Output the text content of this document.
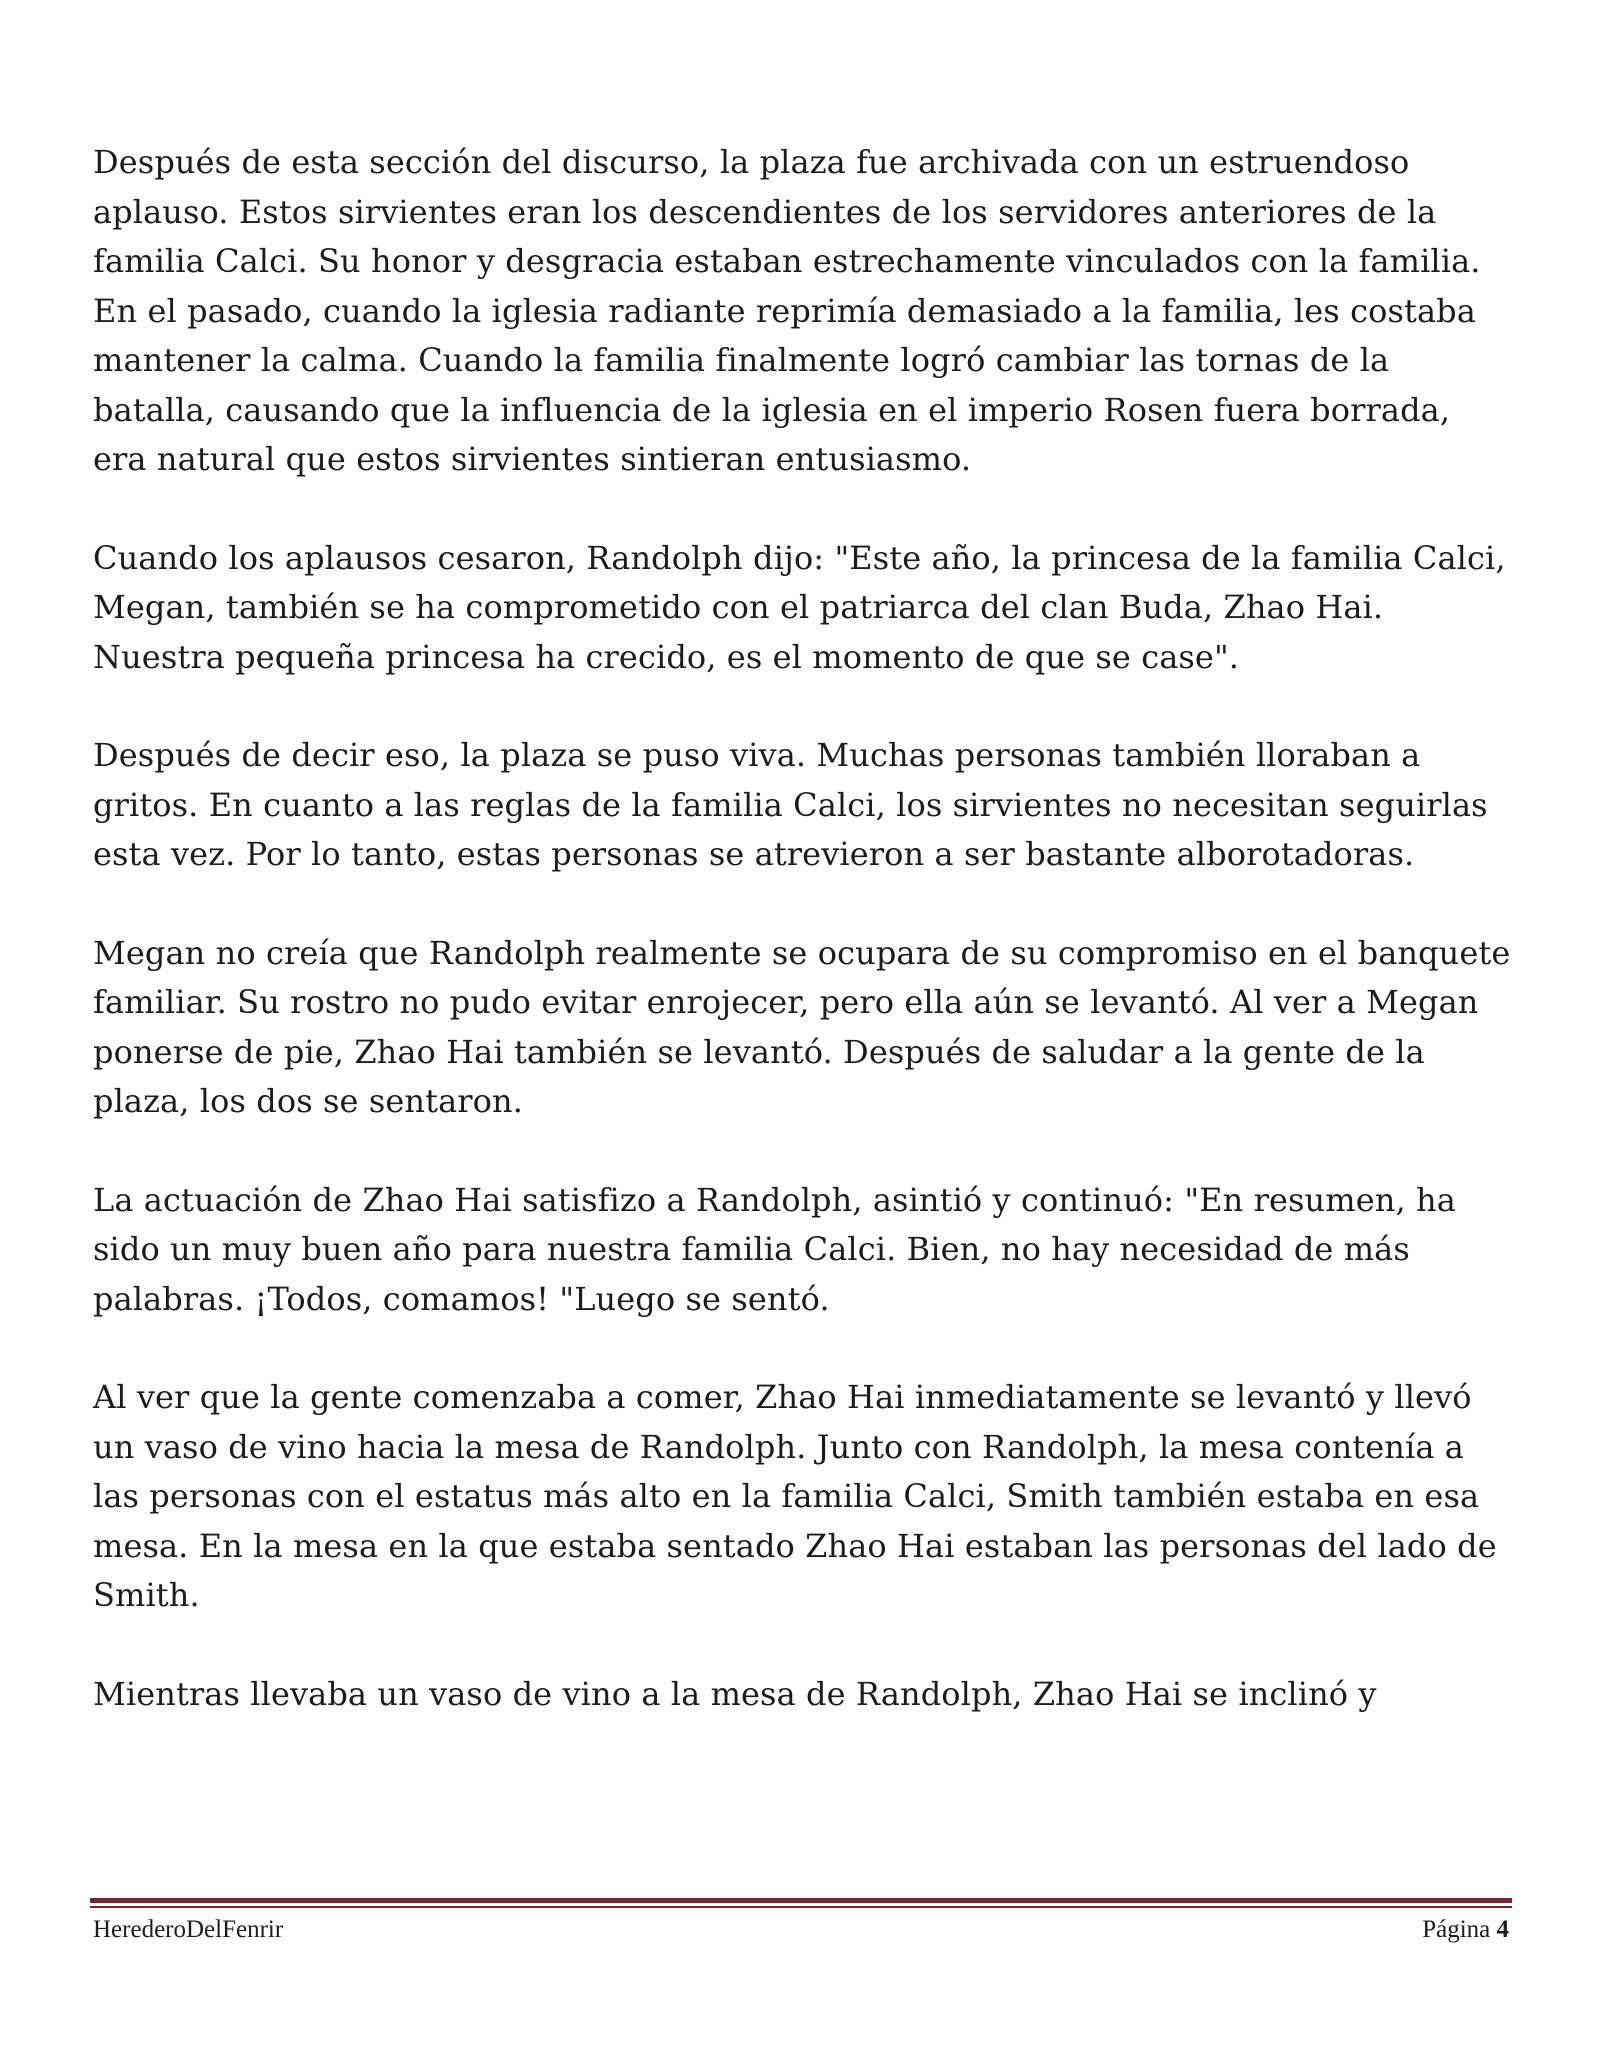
Después de esta sección del discurso, la plaza fue archivada con un estruendoso aplauso. Estos sirvientes eran los descendientes de los servidores anteriores de la familia Calci. Su honor y desgracia estaban estrechamente vinculados con la familia. En el pasado, cuando la iglesia radiante reprimía demasiado a la familia, les costaba mantener la calma. Cuando la familia finalmente logró cambiar las tornas de la batalla, causando que la influencia de la iglesia en el imperio Rosen fuera borrada, era natural que estos sirvientes sintieran entusiasmo.

Cuando los aplausos cesaron, Randolph dijo: "Este año, la princesa de la familia Calci, Megan, también se ha comprometido con el patriarca del clan Buda, Zhao Hai. Nuestra pequeña princesa ha crecido, es el momento de que se case".

Después de decir eso, la plaza se puso viva. Muchas personas también lloraban a gritos. En cuanto a las reglas de la familia Calci, los sirvientes no necesitan seguirlas esta vez. Por lo tanto, estas personas se atrevieron a ser bastante alborotadoras.

Megan no creía que Randolph realmente se ocupara de su compromiso en el banquete familiar. Su rostro no pudo evitar enrojecer, pero ella aún se levantó. Al ver a Megan ponerse de pie, Zhao Hai también se levantó. Después de saludar a la gente de la plaza, los dos se sentaron.

La actuación de Zhao Hai satisfizo a Randolph, asintió y continuó: "En resumen, ha sido un muy buen año para nuestra familia Calci. Bien, no hay necesidad de más palabras. ¡Todos, comamos! "Luego se sentó.

Al ver que la gente comenzaba a comer, Zhao Hai inmediatamente se levantó y llevó un vaso de vino hacia la mesa de Randolph. Junto con Randolph, la mesa contenía a las personas con el estatus más alto en la familia Calci, Smith también estaba en esa mesa. En la mesa en la que estaba sentado Zhao Hai estaban las personas del lado de Smith.

Mientras llevaba un vaso de vino a la mesa de Randolph, Zhao Hai se inclinó y

HerederoDelFenrir	Página 4
